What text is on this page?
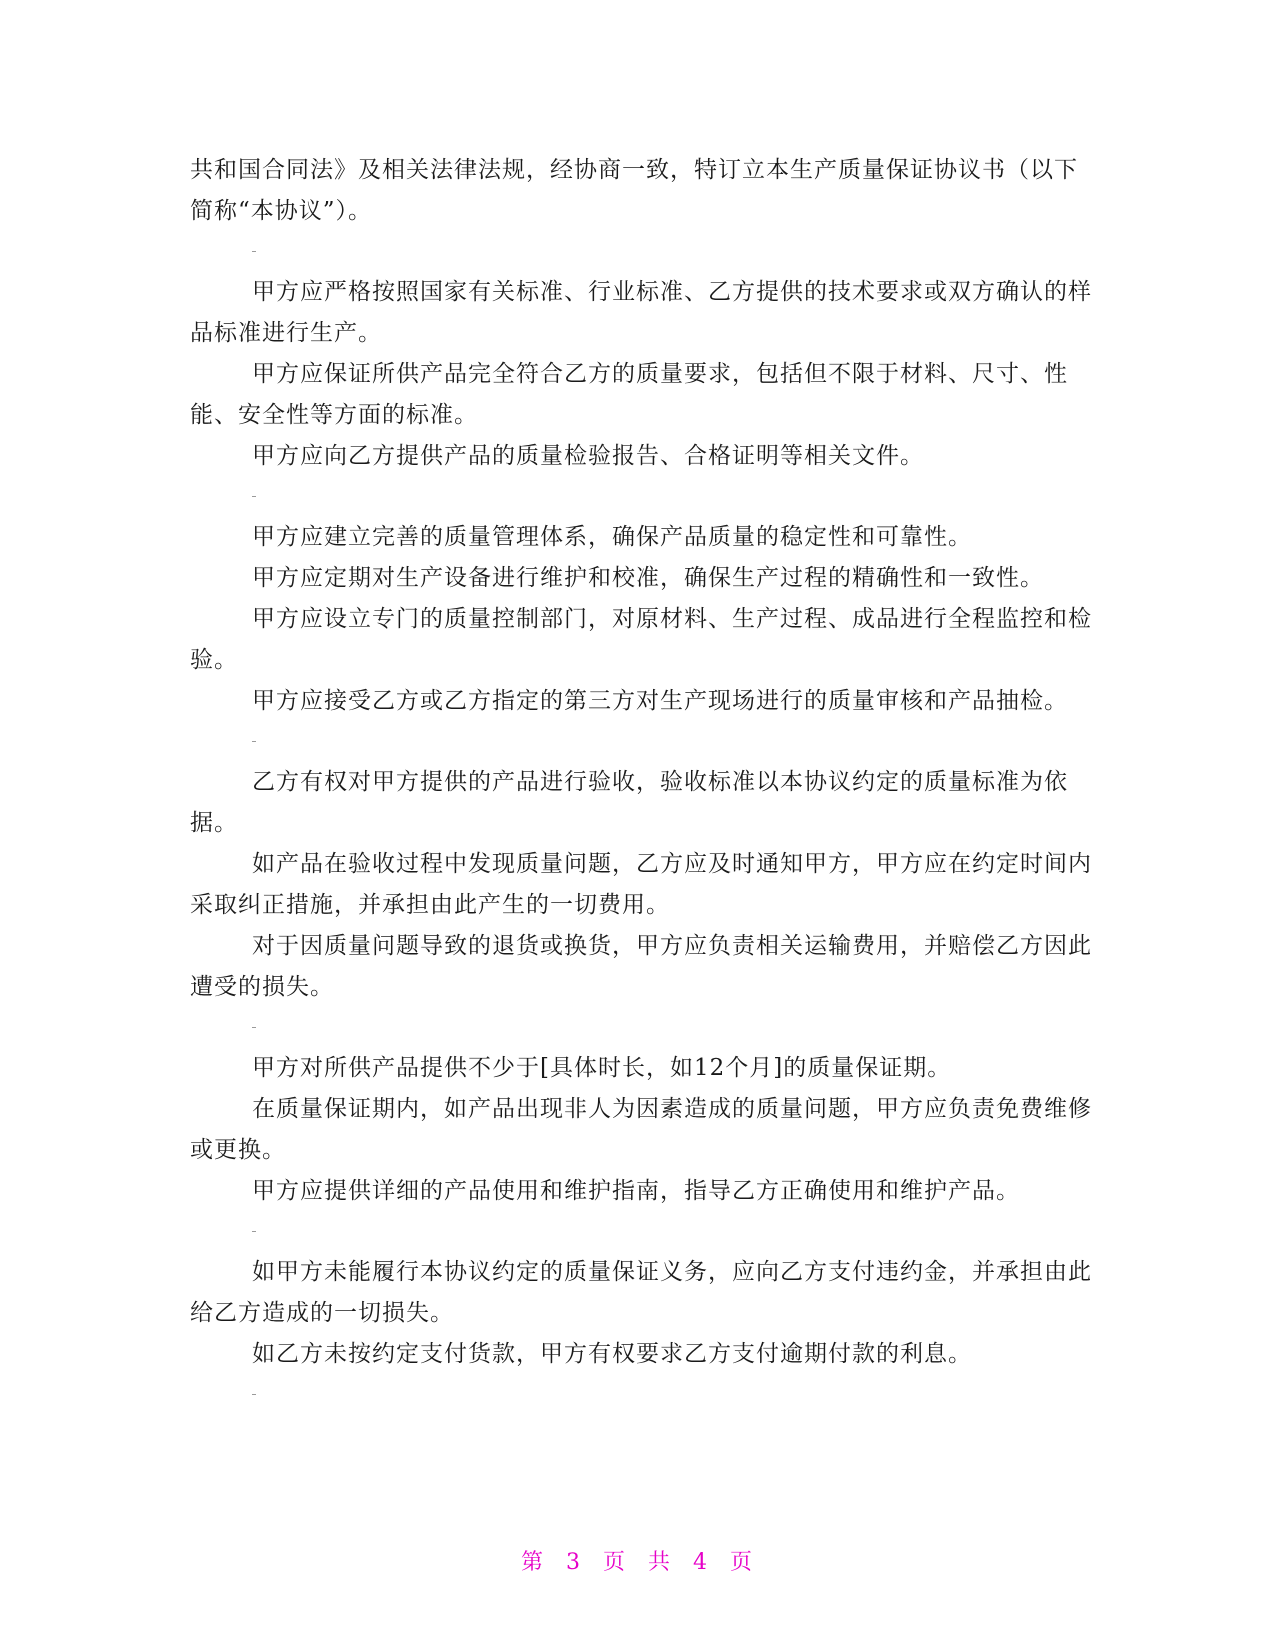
共和国合同法》及相关法律法规，经协商一致，特订立本生产质量保证协议书（以下简称“本协议”）。

甲方应严格按照国家有关标准、行业标准、乙方提供的技术要求或双方确认的样品标准进行生产。

甲方应保证所供产品完全符合乙方的质量要求，包括但不限于材料、尺寸、性能、安全性等方面的标准。

甲方应向乙方提供产品的质量检验报告、合格证明等相关文件。

甲方应建立完善的质量管理体系，确保产品质量的稳定性和可靠性。

甲方应定期对生产设备进行维护和校准，确保生产过程的精确性和一致性。

甲方应设立专门的质量控制部门，对原材料、生产过程、成品进行全程监控和检验。

甲方应接受乙方或乙方指定的第三方对生产现场进行的质量审核和产品抽检。

乙方有权对甲方提供的产品进行验收，验收标准以本协议约定的质量标准为依据。

如产品在验收过程中发现质量问题，乙方应及时通知甲方，甲方应在约定时间内采取纠正措施，并承担由此产生的一切费用。

对于因质量问题导致的退货或换货，甲方应负责相关运输费用，并赔偿乙方因此遭受的损失。

甲方对所供产品提供不少于[具体时长，如12个月]的质量保证期。

在质量保证期内，如产品出现非人为因素造成的质量问题，甲方应负责免费维修或更换。

甲方应提供详细的产品使用和维护指南，指导乙方正确使用和维护产品。

如甲方未能履行本协议约定的质量保证义务，应向乙方支付违约金，并承担由此给乙方造成的一切损失。

如乙方未按约定支付货款，甲方有权要求乙方支付逾期付款的利息。

第 3 页 共 4 页
